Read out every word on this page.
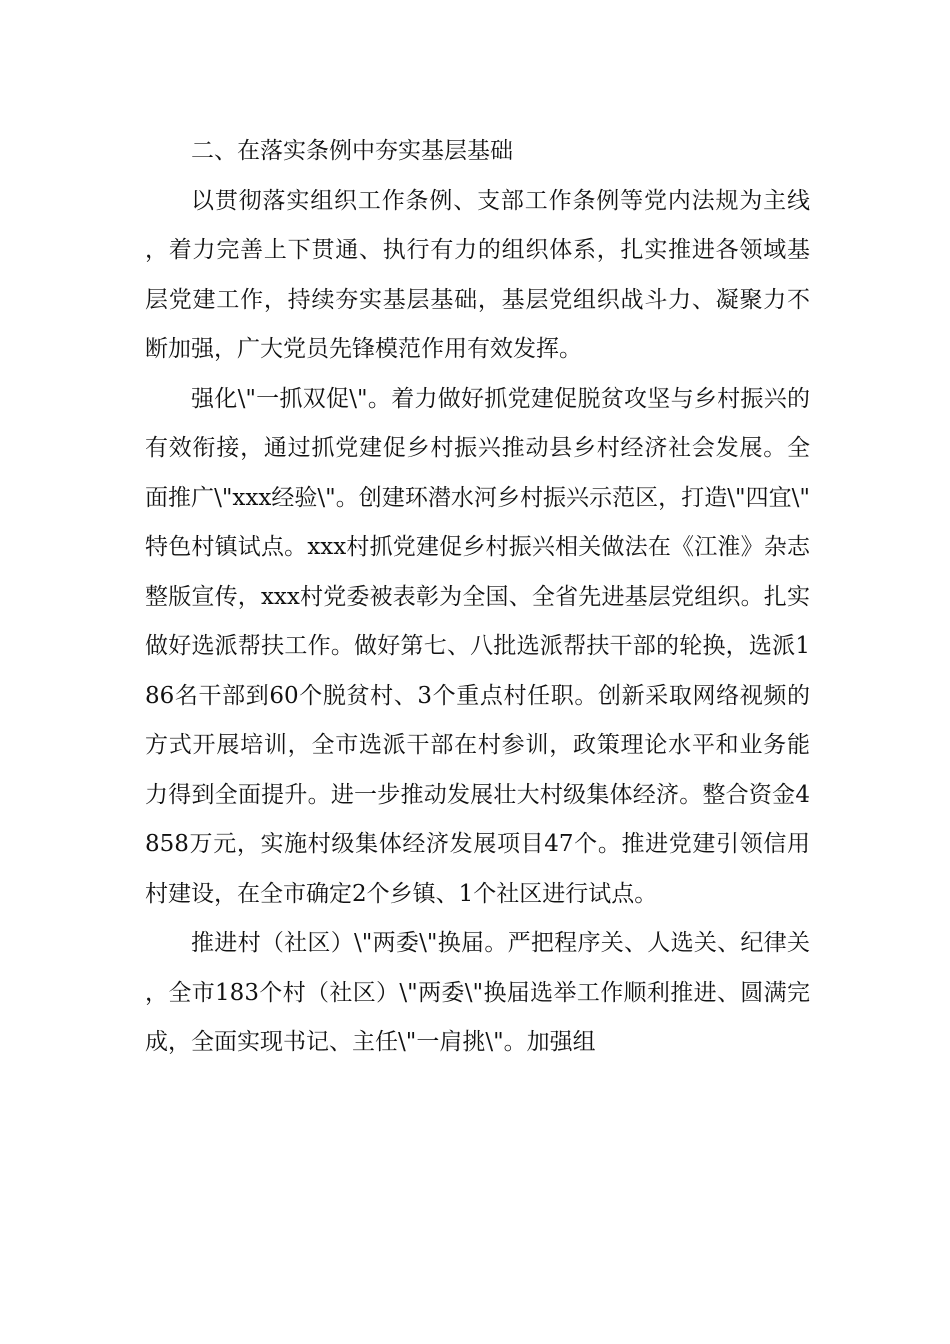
二、在落实条例中夯实基层基础

以贯彻落实组织工作条例、支部工作条例等党内法规为主线，着力完善上下贯通、执行有力的组织体系，扎实推进各领域基层党建工作，持续夯实基层基础，基层党组织战斗力、凝聚力不断加强，广大党员先锋模范作用有效发挥。

强化\"一抓双促\"。着力做好抓党建促脱贫攻坚与乡村振兴的有效衔接，通过抓党建促乡村振兴推动县乡村经济社会发展。全面推广\"xxx经验\"。创建环潜水河乡村振兴示范区，打造\"四宜\"特色村镇试点。xxx村抓党建促乡村振兴相关做法在《江淮》杂志整版宣传，xxx村党委被表彰为全国、全省先进基层党组织。扎实做好选派帮扶工作。做好第七、八批选派帮扶干部的轮换，选派186名干部到60个脱贫村、3个重点村任职。创新采取网络视频的方式开展培训，全市选派干部在村参训，政策理论水平和业务能力得到全面提升。进一步推动发展壮大村级集体经济。整合资金4858万元，实施村级集体经济发展项目47个。推进党建引领信用村建设，在全市确定2个乡镇、1个社区进行试点。

推进村（社区）\"两委\"换届。严把程序关、人选关、纪律关，全市183个村（社区）\"两委\"换届选举工作顺利推进、圆满完成，全面实现书记、主任\"一肩挑\"。加强组
